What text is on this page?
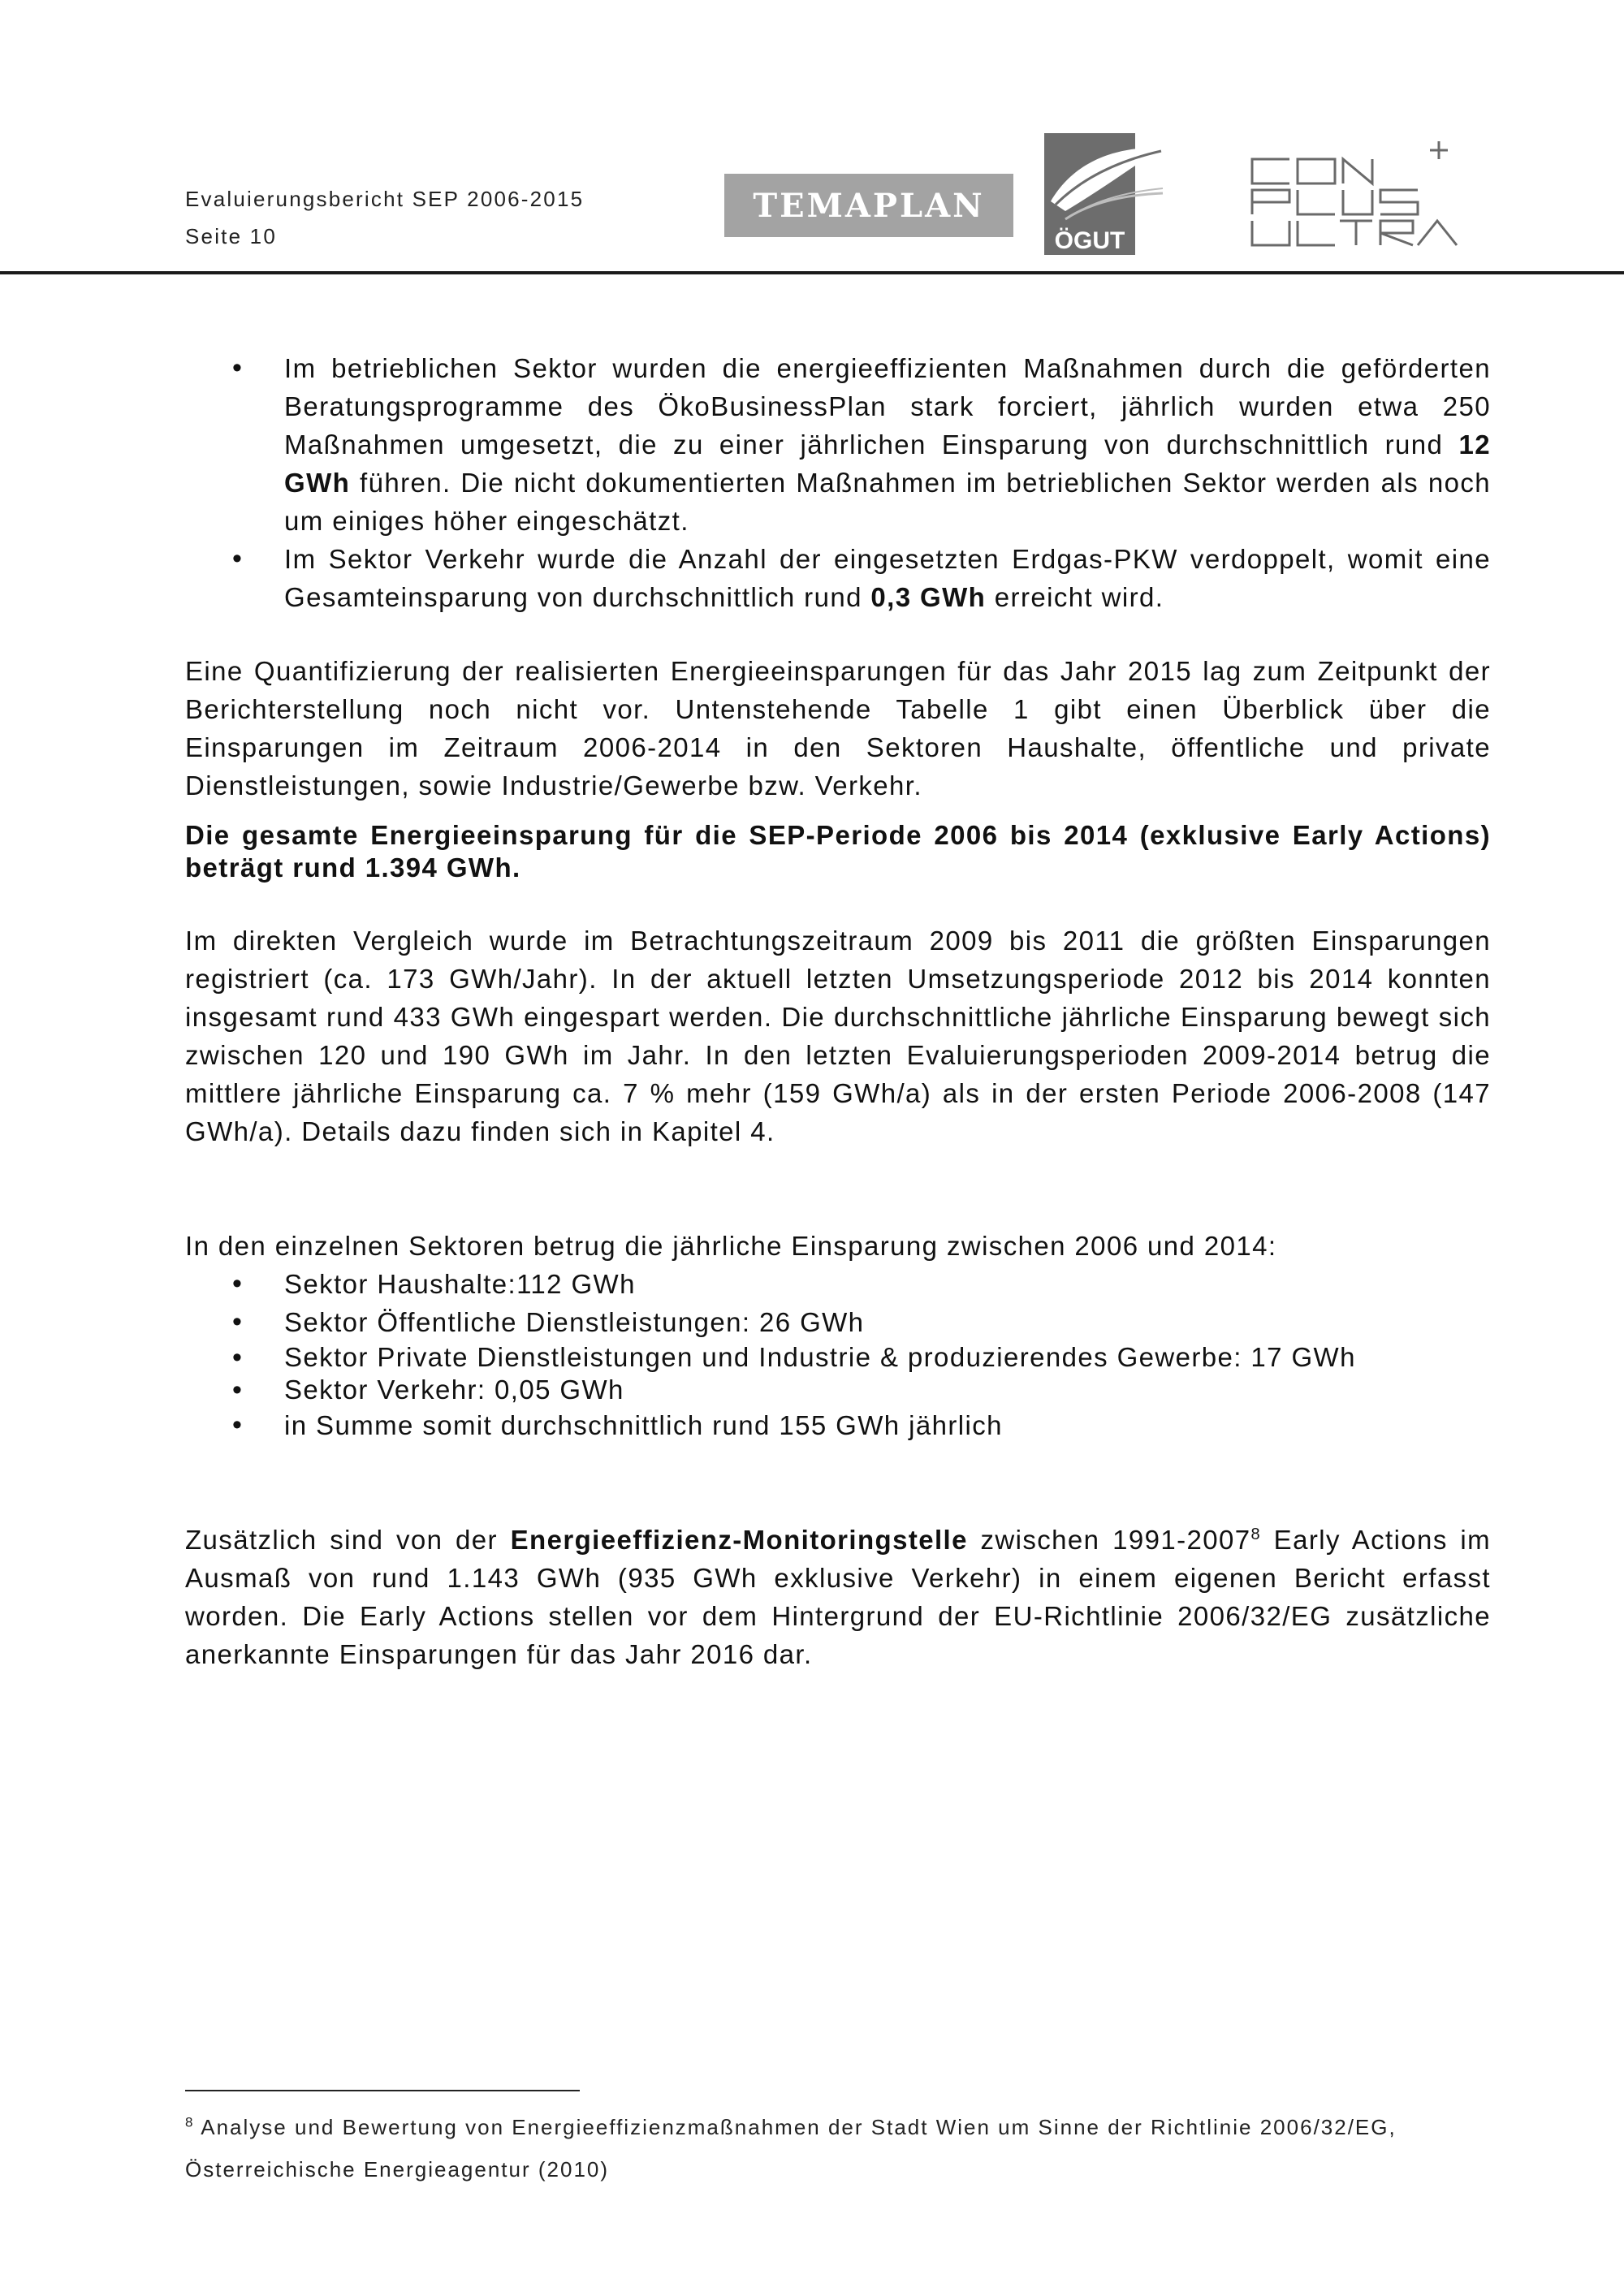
Evaluierungsbericht SEP 2006-2015
Seite 10
TEMAPLAN
ÖGUT
CON PLUS ULTRA
• Im betrieblichen Sektor wurden die energieeffizienten Maßnahmen durch die geförderten Beratungsprogramme des ÖkoBusinessPlan stark forciert, jährlich wurden etwa 250 Maßnahmen umgesetzt, die zu einer jährlichen Einsparung von durchschnittlich rund 12 GWh führen. Die nicht dokumentierten Maßnahmen im betrieblichen Sektor werden als noch um einiges höher eingeschätzt.
• Im Sektor Verkehr wurde die Anzahl der eingesetzten Erdgas-PKW verdoppelt, womit eine Gesamteinsparung von durchschnittlich rund 0,3 GWh erreicht wird.

Eine Quantifizierung der realisierten Energieeinsparungen für das Jahr 2015 lag zum Zeitpunkt der Berichterstellung noch nicht vor. Untenstehende Tabelle 1 gibt einen Überblick über die Einsparungen im Zeitraum 2006-2014 in den Sektoren Haushalte, öffentliche und private Dienstleistungen, sowie Industrie/Gewerbe bzw. Verkehr.

Die gesamte Energieeinsparung für die SEP-Periode 2006 bis 2014 (exklusive Early Actions) beträgt rund 1.394 GWh.

Im direkten Vergleich wurde im Betrachtungszeitraum 2009 bis 2011 die größten Einsparungen registriert (ca. 173 GWh/Jahr). In der aktuell letzten Umsetzungsperiode 2012 bis 2014 konnten insgesamt rund 433 GWh eingespart werden. Die durchschnittliche jährliche Einsparung bewegt sich zwischen 120 und 190 GWh im Jahr. In den letzten Evaluierungsperioden 2009-2014 betrug die mittlere jährliche Einsparung ca. 7 % mehr (159 GWh/a) als in der ersten Periode 2006-2008 (147 GWh/a). Details dazu finden sich in Kapitel 4.

In den einzelnen Sektoren betrug die jährliche Einsparung zwischen 2006 und 2014:

• Sektor Haushalte:112 GWh
• Sektor Öffentliche Dienstleistungen: 26 GWh
• Sektor Private Dienstleistungen und Industrie & produzierendes Gewerbe: 17 GWh
• Sektor Verkehr: 0,05 GWh
• in Summe somit durchschnittlich rund 155 GWh jährlich

Zusätzlich sind von der Energieeffizienz-Monitoringstelle zwischen 1991-2007$^8$ Early Actions im Ausmaß von rund 1.143 GWh (935 GWh exklusive Verkehr) in einem eigenen Bericht erfasst worden. Die Early Actions stellen vor dem Hintergrund der EU-Richtlinie 2006/32/EG zusätzliche anerkannte Einsparungen für das Jahr 2016 dar.

$^8$ Analyse und Bewertung von Energieeffizienzmaßnahmen der Stadt Wien um Sinne der Richtlinie 2006/32/EG, Österreichische Energieagentur (2010)
